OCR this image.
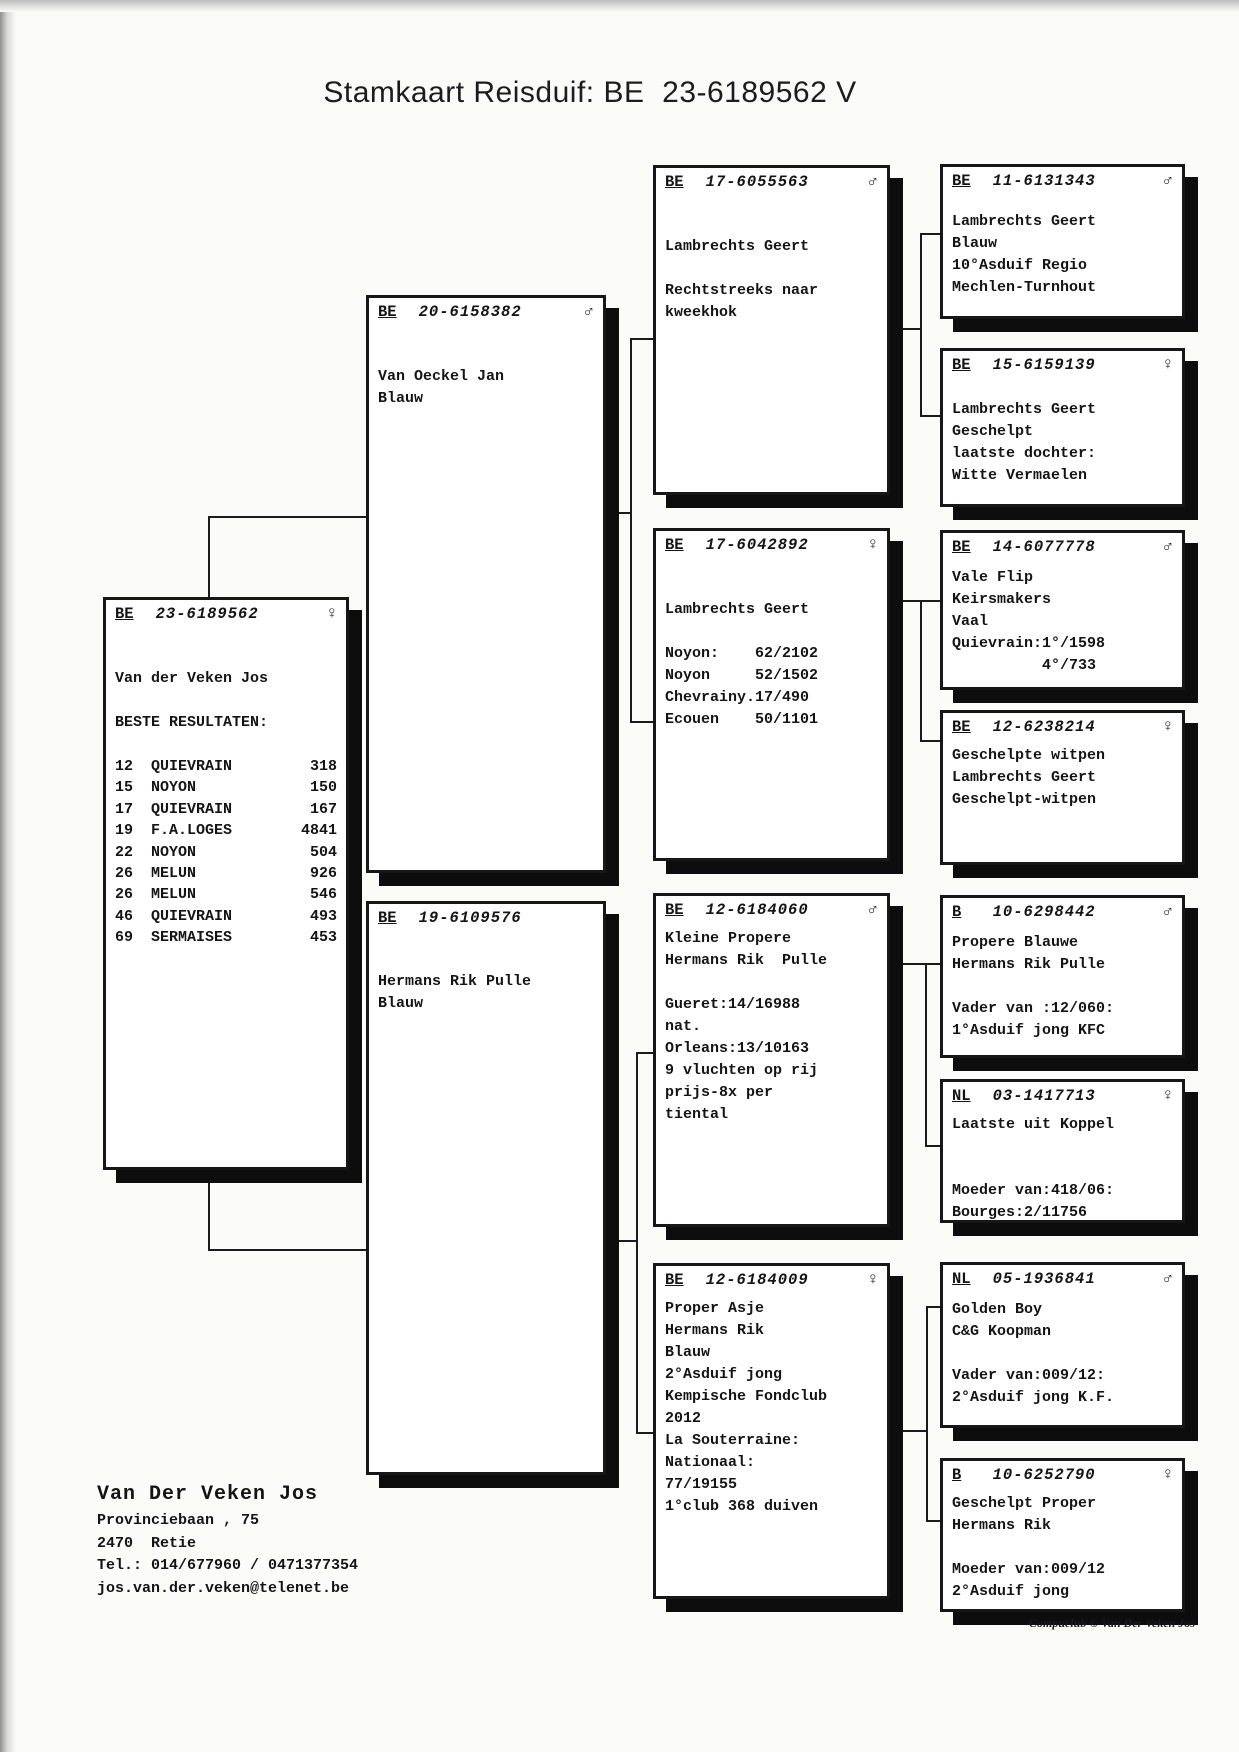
Stamkaart Reisduif: BE  23-6189562 V
BE 23-6189562	♀
Van der Veken Jos
BESTE RESULTATEN:
12 QUIEVRAIN	318
15 NOYON	150
17 QUIEVRAIN	167
19 F.A.LOGES	4841
22 NOYON	504
26 MELUN	926
26 MELUN	546
46 QUIEVRAIN	493
69 SERMAISES	453
BE 20-6158382	♂
Van Oeckel Jan
Blauw
BE 19-6109576
Hermans Rik Pulle
Blauw
BE 17-6055563	♂
Lambrechts Geert
Rechtstreeks naar
kweekhok
BE 17-6042892	♀
Lambrechts Geert
Noyon:    62/2102
Noyon     52/1502
Chevrainy.17/490
Ecouen    50/1101
BE 12-6184060	♂
Kleine Propere
Hermans Rik  Pulle
Gueret:14/16988
nat.
Orleans:13/10163
9 vluchten op rij
prijs-8x per
tiental
BE 12-6184009	♀
Proper Asje
Hermans Rik
Blauw
2°Asduif jong
Kempische Fondclub
2012
La Souterraine:
Nationaal:
77/19155
1°club 368 duiven
BE 11-6131343	♂
Lambrechts Geert
Blauw
10°Asduif Regio
Mechlen-Turnhout
BE 15-6159139	♀
Lambrechts Geert
Geschelpt
laatste dochter:
Witte Vermaelen
BE 14-6077778	♂
Vale Flip
Keirsmakers
Vaal
Quievrain:1°/1598
4°/733
BE 12-6238214	♀
Geschelpte witpen
Lambrechts Geert
Geschelpt-witpen
B	10-6298442	♂
Propere Blauwe
Hermans Rik Pulle
Vader van :12/060:
1°Asduif jong KFC
NL 03-1417713	♀
Laatste uit Koppel
Moeder van:418/06:
Bourges:2/11756
NL 05-1936841	♂
Golden Boy
C&G Koopman
Vader van:009/12:
2°Asduif jong K.F.
B	10-6252790	♀
Geschelpt Proper
Hermans Rik
Moeder van:009/12
2°Asduif jong
Van Der Veken Jos
Provinciebaan , 75
2470  Retie
Tel.: 014/677960 / 0471377354
jos.van.der.veken@telenet.be
Compuclub © Van Der Veken Jos
